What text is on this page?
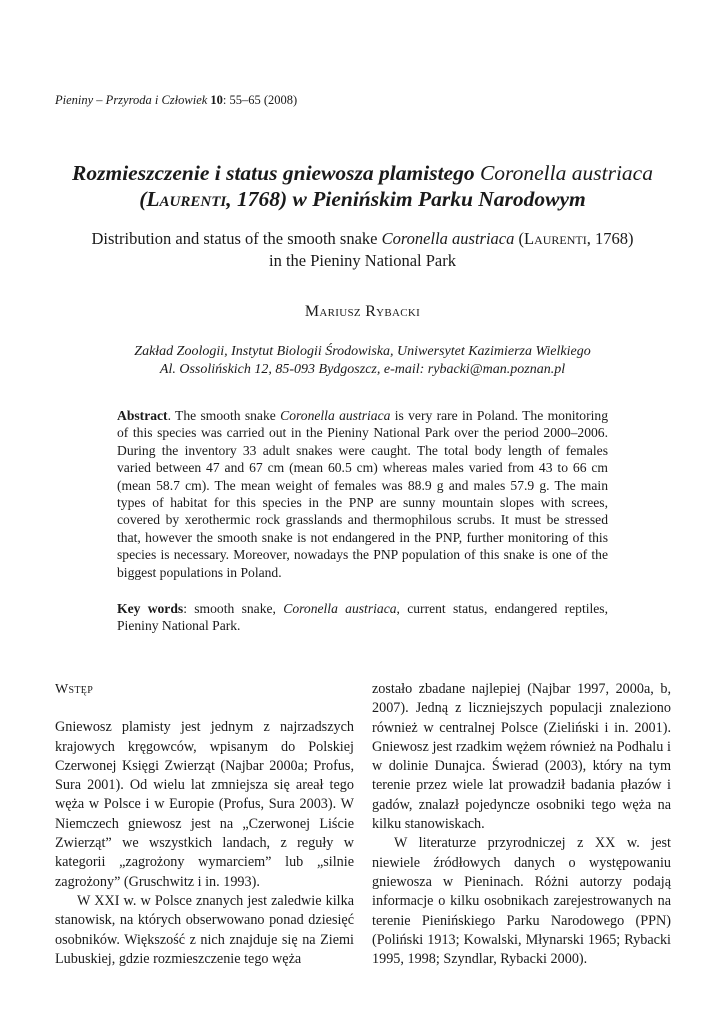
Pieniny – Przyroda i Człowiek 10: 55–65 (2008)
Rozmieszczenie i status gniewosza plamistego Coronella austriaca (Laurenti, 1768) w Pienińskim Parku Narodowym
Distribution and status of the smooth snake Coronella austriaca (Laurenti, 1768)
in the Pieniny National Park
Mariusz Rybacki
Zakład Zoologii, Instytut Biologii Środowiska, Uniwersytet Kazimierza Wielkiego
Al. Ossolińskich 12, 85-093 Bydgoszcz, e-mail: rybacki@man.poznan.pl

Abstract. The smooth snake Coronella austriaca is very rare in Poland. The monitoring of this species was carried out in the Pieniny National Park over the period 2000–2006. During the inventory 33 adult snakes were caught. The total body length of females varied between 47 and 67 cm (mean 60.5 cm) whereas males varied from 43 to 66 cm (mean 58.7 cm). The mean weight of females was 88.9 g and males 57.9 g. The main types of habitat for this species in the PNP are sunny mountain slopes with screes, covered by xerothermic rock grasslands and thermophilous scrubs. It must be stressed that, however the smooth snake is not endangered in the PNP, further monitoring of this species is necessary. Moreover, nowadays the PNP population of this snake is one of the biggest populations in Poland.

Key words: smooth snake, Coronella austriaca, current status, endangered reptiles, Pieniny National Park.

Wstęp

Gniewosz plamisty jest jednym z najrzadszych krajowych kręgowców, wpisanym do Polskiej Czerwonej Księgi Zwierząt (Najbar 2000a; Profus, Sura 2001). Od wielu lat zmniejsza się areał tego węża w Polsce i w Europie (Profus, Sura 2003). W Niemczech gniewosz jest na „Czerwonej Liście Zwierząt” we wszystkich landach, z reguły w kategorii „zagrożony wymarciem” lub „silnie zagrożony” (Gruschwitz i in. 1993).

W XXI w. w Polsce znanych jest zaledwie kilka stanowisk, na których obserwowano ponad dziesięć osobników. Większość z nich znajduje się na Ziemi Lubuskiej, gdzie rozmieszczenie tego węża

zostało zbadane najlepiej (Najbar 1997, 2000a, b, 2007). Jedną z liczniejszych populacji znaleziono również w centralnej Polsce (Zieliński i in. 2001). Gniewosz jest rzadkim wężem również na Podhalu i w dolinie Dunajca. Świerad (2003), który na tym terenie przez wiele lat prowadził badania płazów i gadów, znalazł pojedyncze osobniki tego węża na kilku stanowiskach.

W literaturze przyrodniczej z XX w. jest niewiele źródłowych danych o występowaniu gniewosza w Pieninach. Różni autorzy podają informacje o kilku osobnikach zarejestrowanych na terenie Pienińskiego Parku Narodowego (PPN) (Poliński 1913; Kowalski, Młynarski 1965; Rybacki 1995, 1998; Szyndlar, Rybacki 2000).
